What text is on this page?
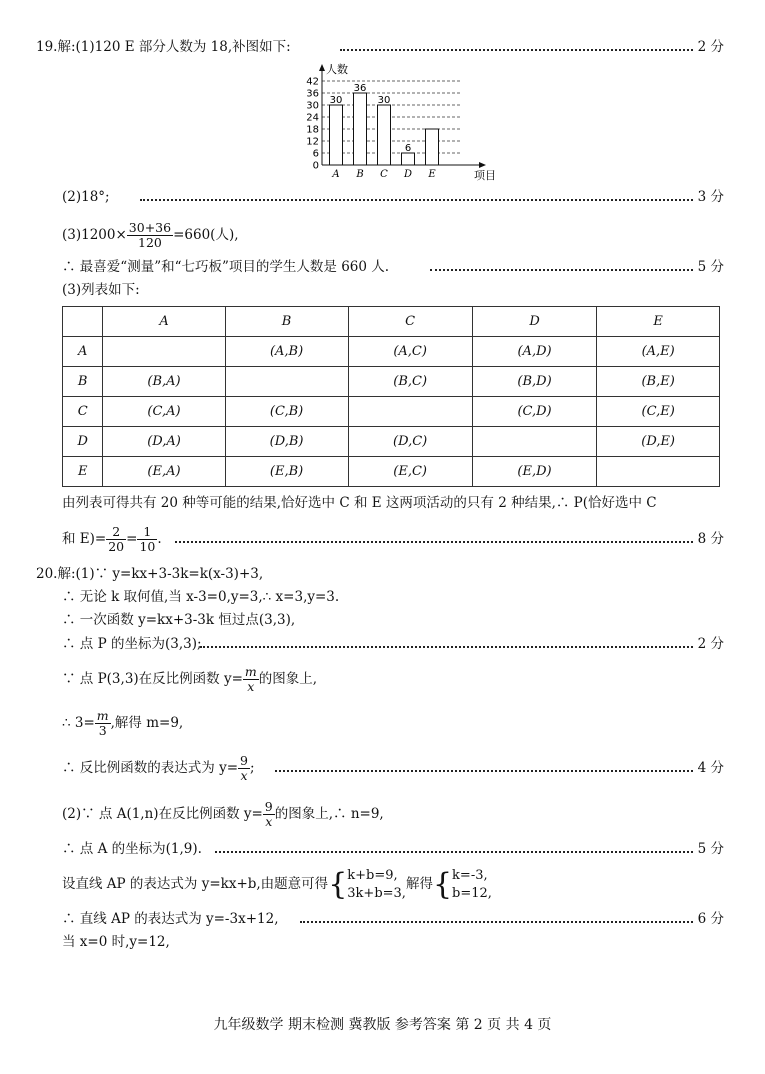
19.解:(1)120 E 部分人数为 18,补图如下:	2 分
0
6
12
18
24
30
36
42
人数
项目
A
30
B
36
C
30
D
6
E
(2)18°;	3 分
$(3)1200\times \frac{30+36}{120} =660$(人),
∴ 最喜爱“测量”和“七巧板”项目的学生人数是 660 人.	5 分
(3)列表如下:
	A	B	C	D	E
A		(A,B)	(A,C)	(A,D)	(A,E)
B	(B,A)		(B,C)	(B,D)	(B,E)
C	(C,A)	(C,B)		(C,D)	(C,E)
D	(D,A)	(D,B)	(D,C)		(D,E)
E	(E,A)	(E,B)	(E,C)	(E,D)	
由列表可得共有 20 种等可能的结果,恰好选中 C 和 E 这两项活动的只有 2 种结果,∴ P(恰好选中 C
和 $E)= \frac{2}{20} = \frac{1}{10}$ .	8 分
20.解:(1)∵ y=kx+3-3k=k(x-3)+3,
∴ 无论 k 取何值,当 x-3=0,y=3,∴ x=3,y=3.
∴ 一次函数 y=kx+3-3k 恒过点(3,3),
∴ 点 P 的坐标为(3,3);	2 分
∵ 点 P(3,3)在反比例函数 $y= \frac{m}{x}$ 的图象上,
∴ $3= \frac{m}{3}$ ,解得 m=9,
∴ 反比例函数的表达式为 $y= \frac{9}{x}$ ;	4 分
(2)∵ 点 A(1,n)在反比例函数 $y= \frac{9}{x}$ 的图象上,∴ n=9,
∴ 点 A 的坐标为(1,9).	5 分
设直线 AP 的表达式为 y=kx+b,由题意可得{ k+b=9,
3k+b=3,
解得{ k=-3,
b=12,
∴ 直线 AP 的表达式为 y=-3x+12,	6 分
当 x=0 时,y=12,
九年级数学 期末检测 冀教版 参考答案 第 2 页 共 4 页
